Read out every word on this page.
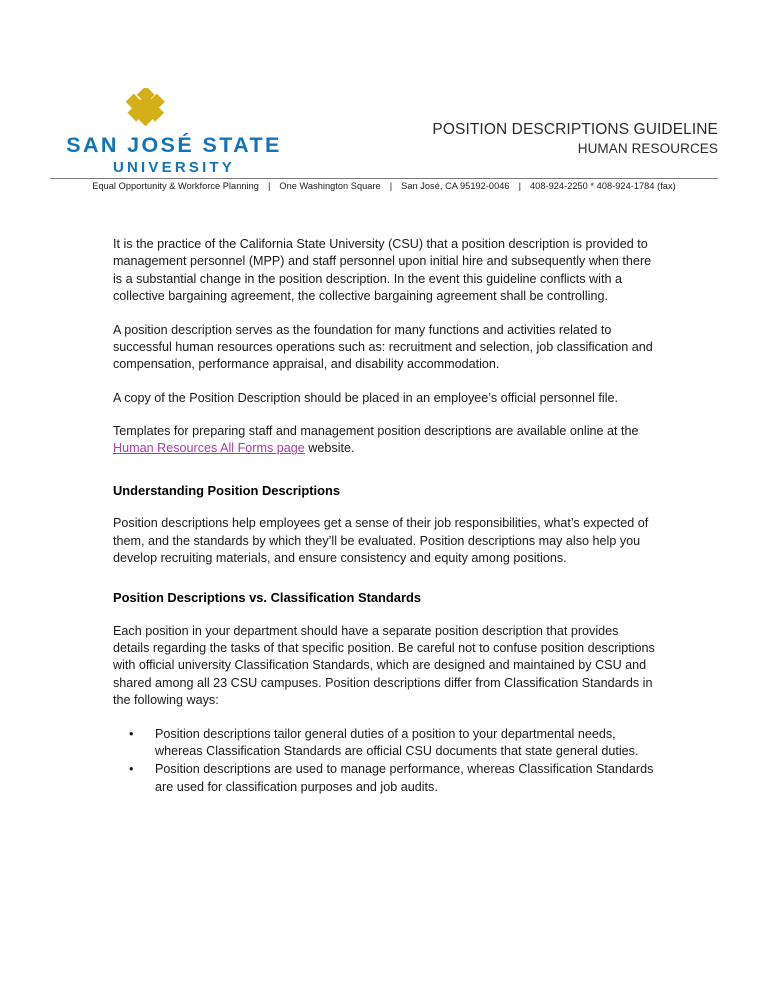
SAN JOSÉ STATE
UNIVERSITY
POSITION DESCRIPTIONS GUIDELINE
HUMAN RESOURCES
Equal Opportunity & Workforce Planning | One Washington Square | San José, CA 95192-0046 | 408-924-2250 * 408-924-1784 (fax)

It is the practice of the California State University (CSU) that a position description is provided to management personnel (MPP) and staff personnel upon initial hire and subsequently when there is a substantial change in the position description. In the event this guideline conflicts with a collective bargaining agreement, the collective bargaining agreement shall be controlling.

A position description serves as the foundation for many functions and activities related to successful human resources operations such as: recruitment and selection, job classification and compensation, performance appraisal, and disability accommodation.

A copy of the Position Description should be placed in an employee’s official personnel file.

Templates for preparing staff and management position descriptions are available online at the Human Resources All Forms page website.

Understanding Position Descriptions

Position descriptions help employees get a sense of their job responsibilities, what’s expected of them, and the standards by which they’ll be evaluated. Position descriptions may also help you develop recruiting materials, and ensure consistency and equity among positions.

Position Descriptions vs. Classification Standards

Each position in your department should have a separate position description that provides details regarding the tasks of that specific position. Be careful not to confuse position descriptions with official university Classification Standards, which are designed and maintained by CSU and shared among all 23 CSU campuses. Position descriptions differ from Classification Standards in the following ways:

• Position descriptions tailor general duties of a position to your departmental needs, whereas Classification Standards are official CSU documents that state general duties.
• Position descriptions are used to manage performance, whereas Classification Standards are used for classification purposes and job audits.
